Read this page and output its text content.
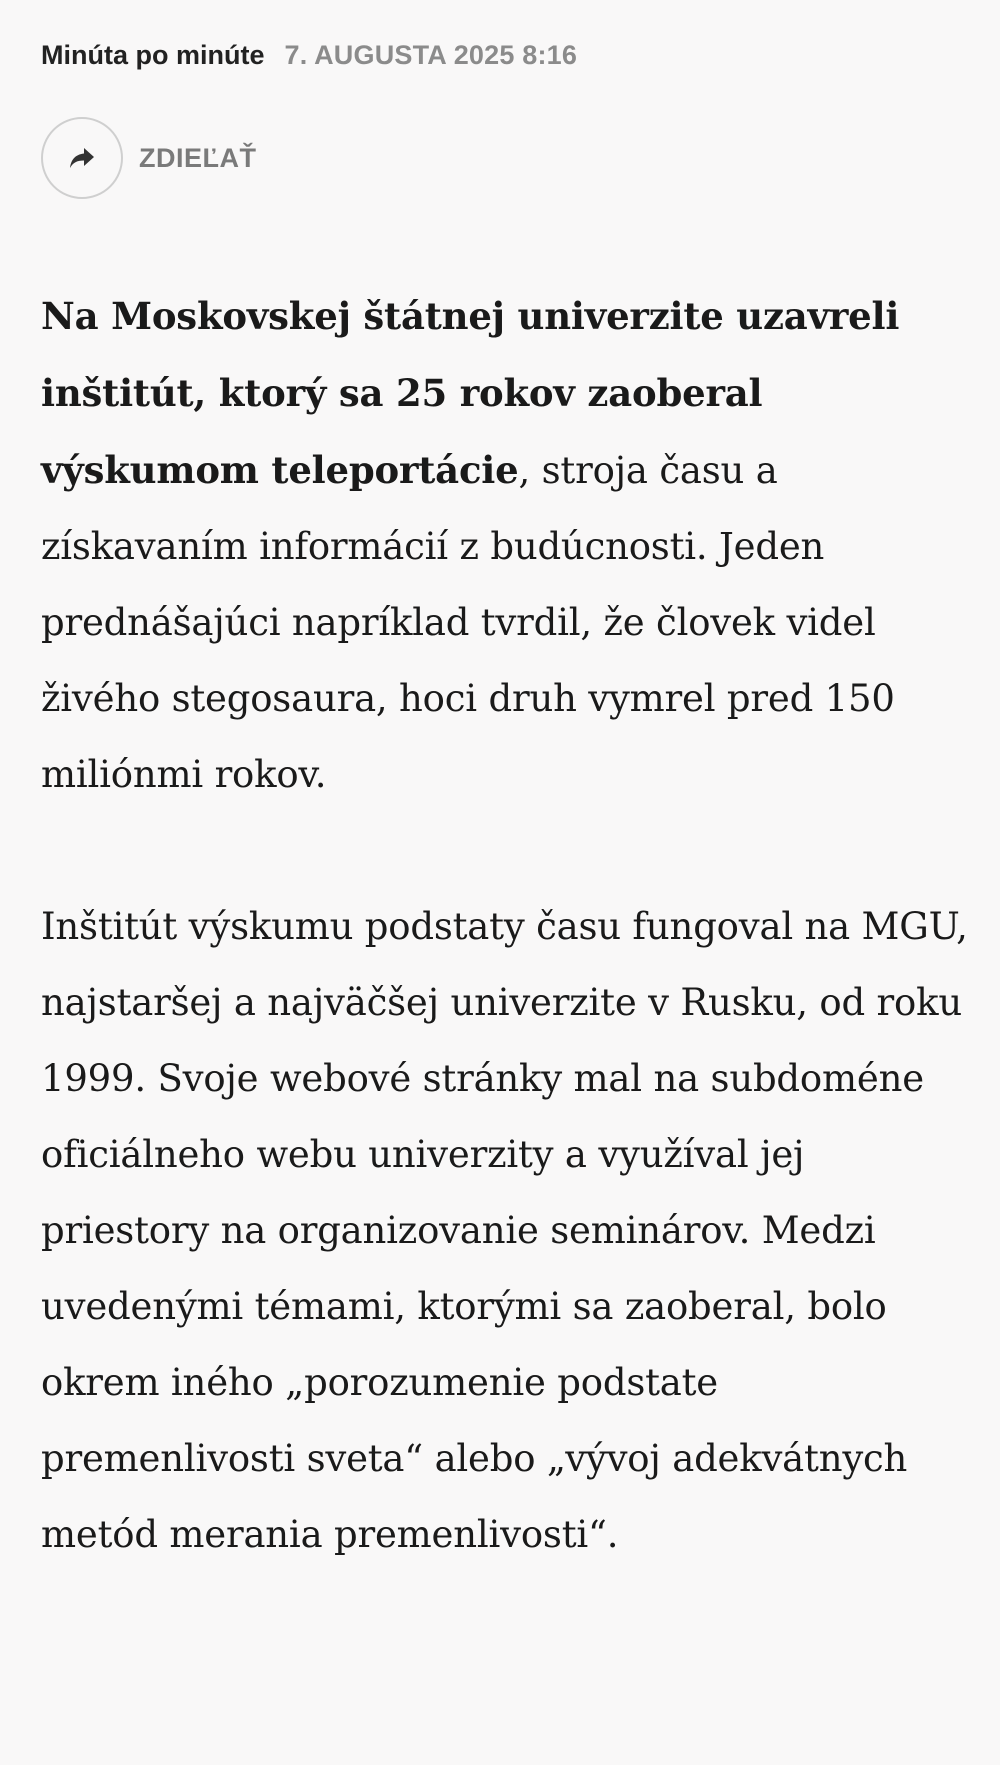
Minúta po minúte 7. AUGUSTA 2025 8:16
ZDIEĽAŤ

Na Moskovskej štátnej univerzite uzavreli inštitút, ktorý sa 25 rokov zaoberal výskumom teleportácie, stroja času a získavaním informácií z budúcnosti. Jeden prednášajúci napríklad tvrdil, že človek videl živého stegosaura, hoci druh vymrel pred 150 miliónmi rokov.

Inštitút výskumu podstaty času fungoval na MGU, najstaršej a najväčšej univerzite v Rusku, od roku 1999. Svoje webové stránky mal na subdoméne oficiálneho webu univerzity a využíval jej priestory na organizovanie seminárov. Medzi uvedenými témami, ktorými sa zaoberal, bolo okrem iného „porozumenie podstate premenlivosti sveta“ alebo „vývoj adekvátnych metód merania premenlivosti“.
